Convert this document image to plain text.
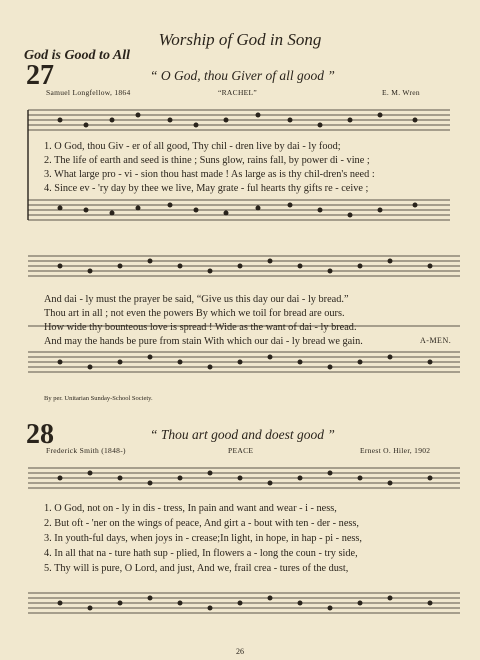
Worship of God in Song
God is Good to All
27	“ O God, thou Giver of all good ”
Samuel Longfellow, 1864	“RACHEL”	E. M. Wren
1. O God, thou Giv - er of all good, Thy chil - dren live by dai - ly food;
2. The life of earth and seed is thine ; Suns glow, rains fall, by power di - vine ;
3. What large pro - vi - sion thou hast made ! As large as is thy chil-dren's need :
4. Since ev - 'ry day by thee we live, May grate - ful hearts thy gifts re - ceive ;
And dai - ly must the prayer be said, “Give us this day our dai - ly bread.”
Thou art in all ; not even the powers By which we toil for bread are ours.
How wide thy bounteous love is spread ! Wide as the want of dai - ly bread.
And may the hands be pure from stain With which our dai - ly bread we gain.	A-MEN.
By per. Unitarian Sunday-School Society.
28	“ Thou art good and doest good ”
Frederick Smith (1848-)	PEACE	Ernest O. Hiler, 1902
1. O God, not on - ly in dis - tress, In pain and want and wear - i - ness,
2. But oft - 'ner on the wings of peace, And girt a - bout with ten - der - ness,
3. In youth-ful days, when joys in - crease;In light, in hope, in hap - pi - ness,
4. In all that na - ture hath sup - plied, In flowers a - long the coun - try side,
5. Thy will is pure, O Lord, and just, And we, frail crea - tures of the dust,
26
